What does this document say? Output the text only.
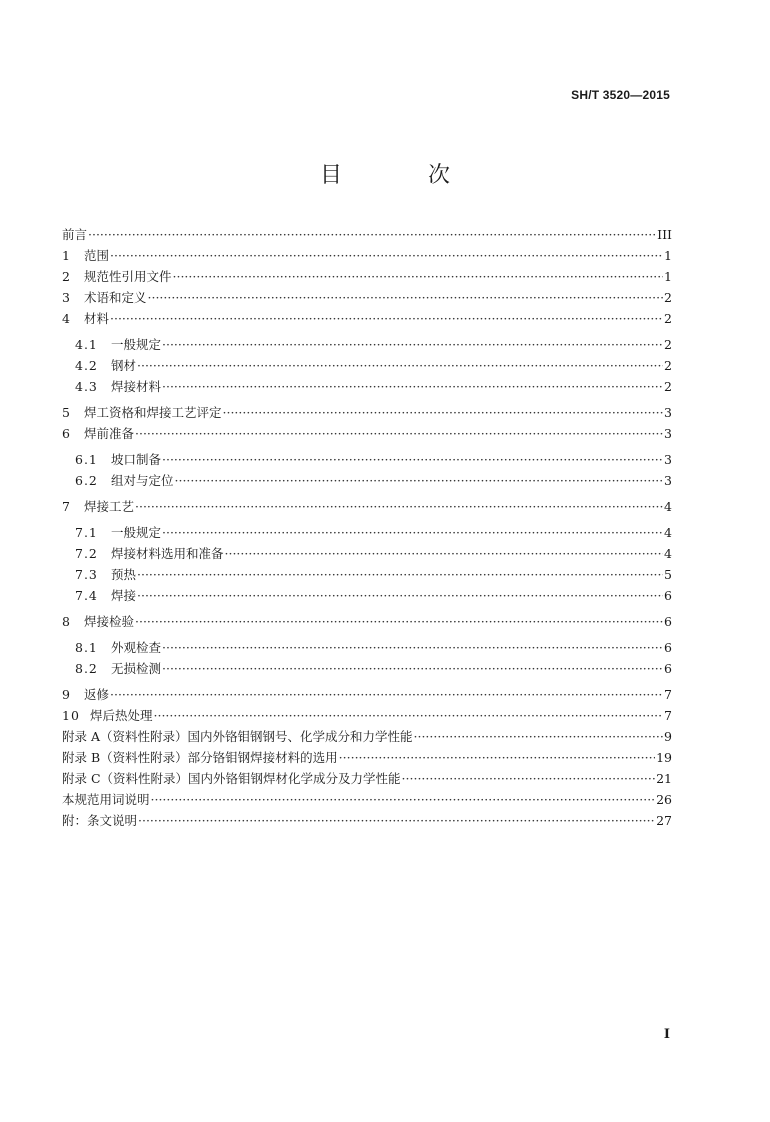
SH/T 3520—2015
目　次
前言 ·····	III
1	范围 ·····	1
2	规范性引用文件 ·····	1
3	术语和定义 ·····	2
4	材料 ·····	2
4.1	一般规定 ·····	2
4.2	钢材 ·····	2
4.3	焊接材料 ·····	2
5	焊工资格和焊接工艺评定 ·····	3
6	焊前准备 ·····	3
6.1	坡口制备 ·····	3
6.2	组对与定位 ·····	3
7	焊接工艺 ·····	4
7.1	一般规定 ·····	4
7.2	焊接材料选用和准备 ·····	4
7.3	预热 ·····	5
7.4	焊接 ·····	6
8	焊接检验 ·····	6
8.1	外观检查 ·····	6
8.2	无损检测 ·····	6
9	返修 ·····	7
10 焊后热处理 ·····	7
附录 A（资料性附录）国内外铬钼钢钢号、化学成分和力学性能 ·····	9
附录 B（资料性附录）部分铬钼钢焊接材料的选用 ·····	19
附录 C（资料性附录）国内外铬钼钢焊材化学成分及力学性能 ·····	21
本规范用词说明 ·····	26
附：条文说明 ·····	27
I
